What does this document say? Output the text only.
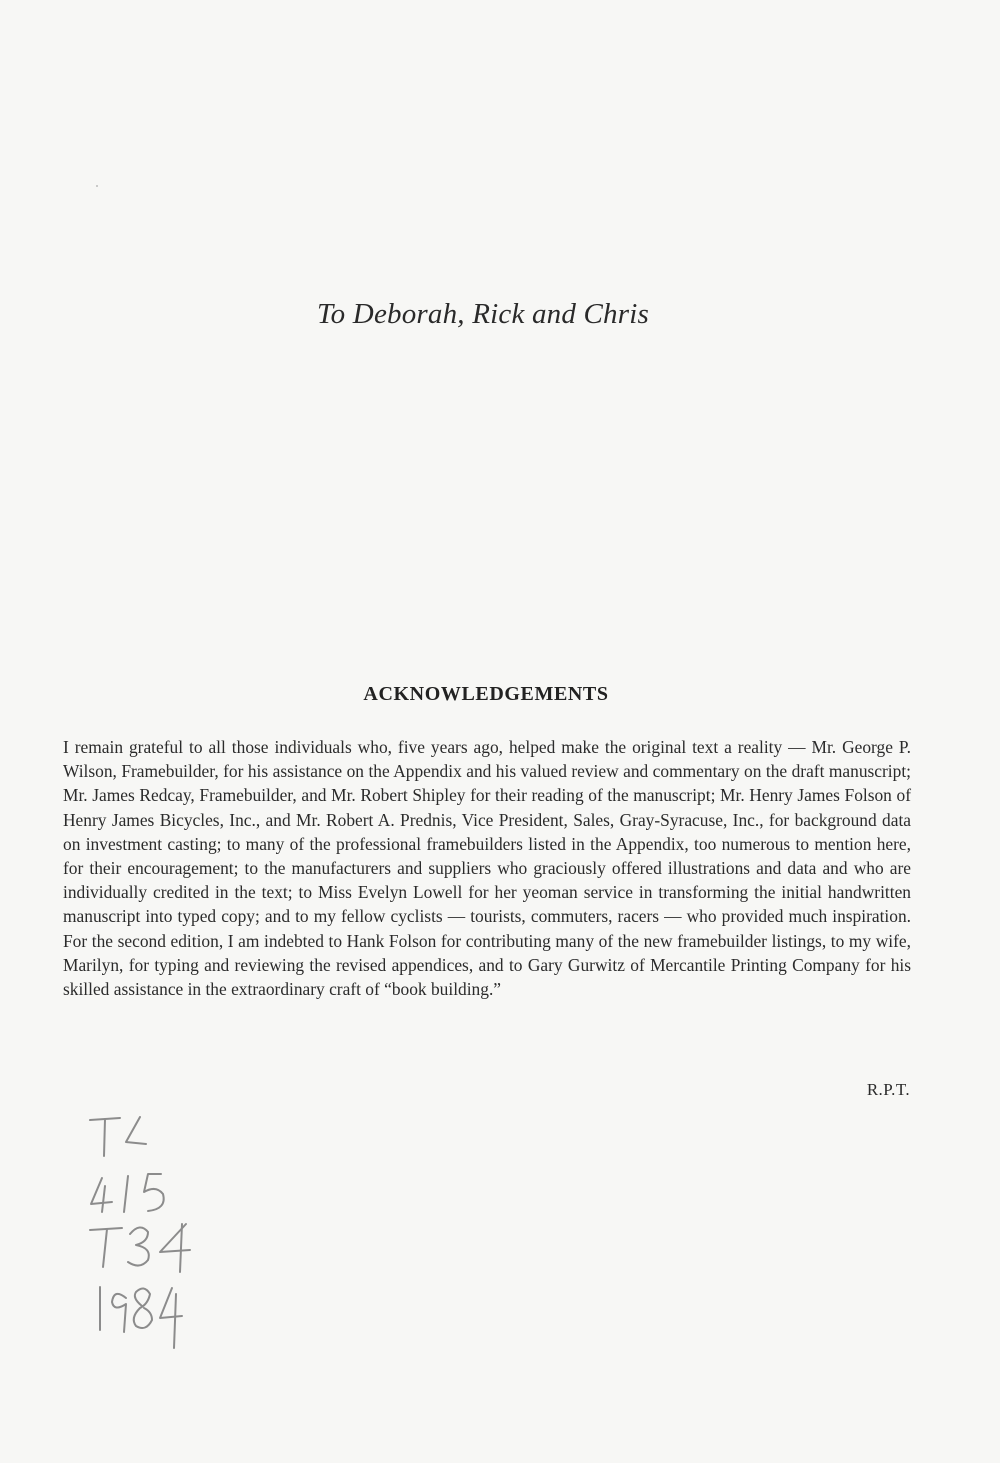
To Deborah, Rick and Chris
ACKNOWLEDGEMENTS
I remain grateful to all those individuals who, five years ago, helped make the original text a reality — Mr. George P. Wilson, Framebuilder, for his assistance on the Appendix and his valued review and commentary on the draft manuscript; Mr. James Redcay, Framebuilder, and Mr. Robert Shipley for their reading of the manuscript; Mr. Henry James Folson of Henry James Bicycles, Inc., and Mr. Robert A. Prednis, Vice President, Sales, Gray-Syracuse, Inc., for background data on investment casting; to many of the professional framebuilders listed in the Appendix, too numerous to mention here, for their encouragement; to the manufacturers and suppliers who graciously offered illustrations and data and who are individually credited in the text; to Miss Evelyn Lowell for her yeoman service in transforming the initial handwritten manuscript into typed copy; and to my fellow cyclists — tourists, commuters, racers — who provided much inspiration. For the second edition, I am indebted to Hank Folson for contributing many of the new framebuilder listings, to my wife, Marilyn, for typing and reviewing the revised appendices, and to Gary Gurwitz of Mercantile Printing Company for his skilled assistance in the extraordinary craft of “book building.”
R.P.T.
